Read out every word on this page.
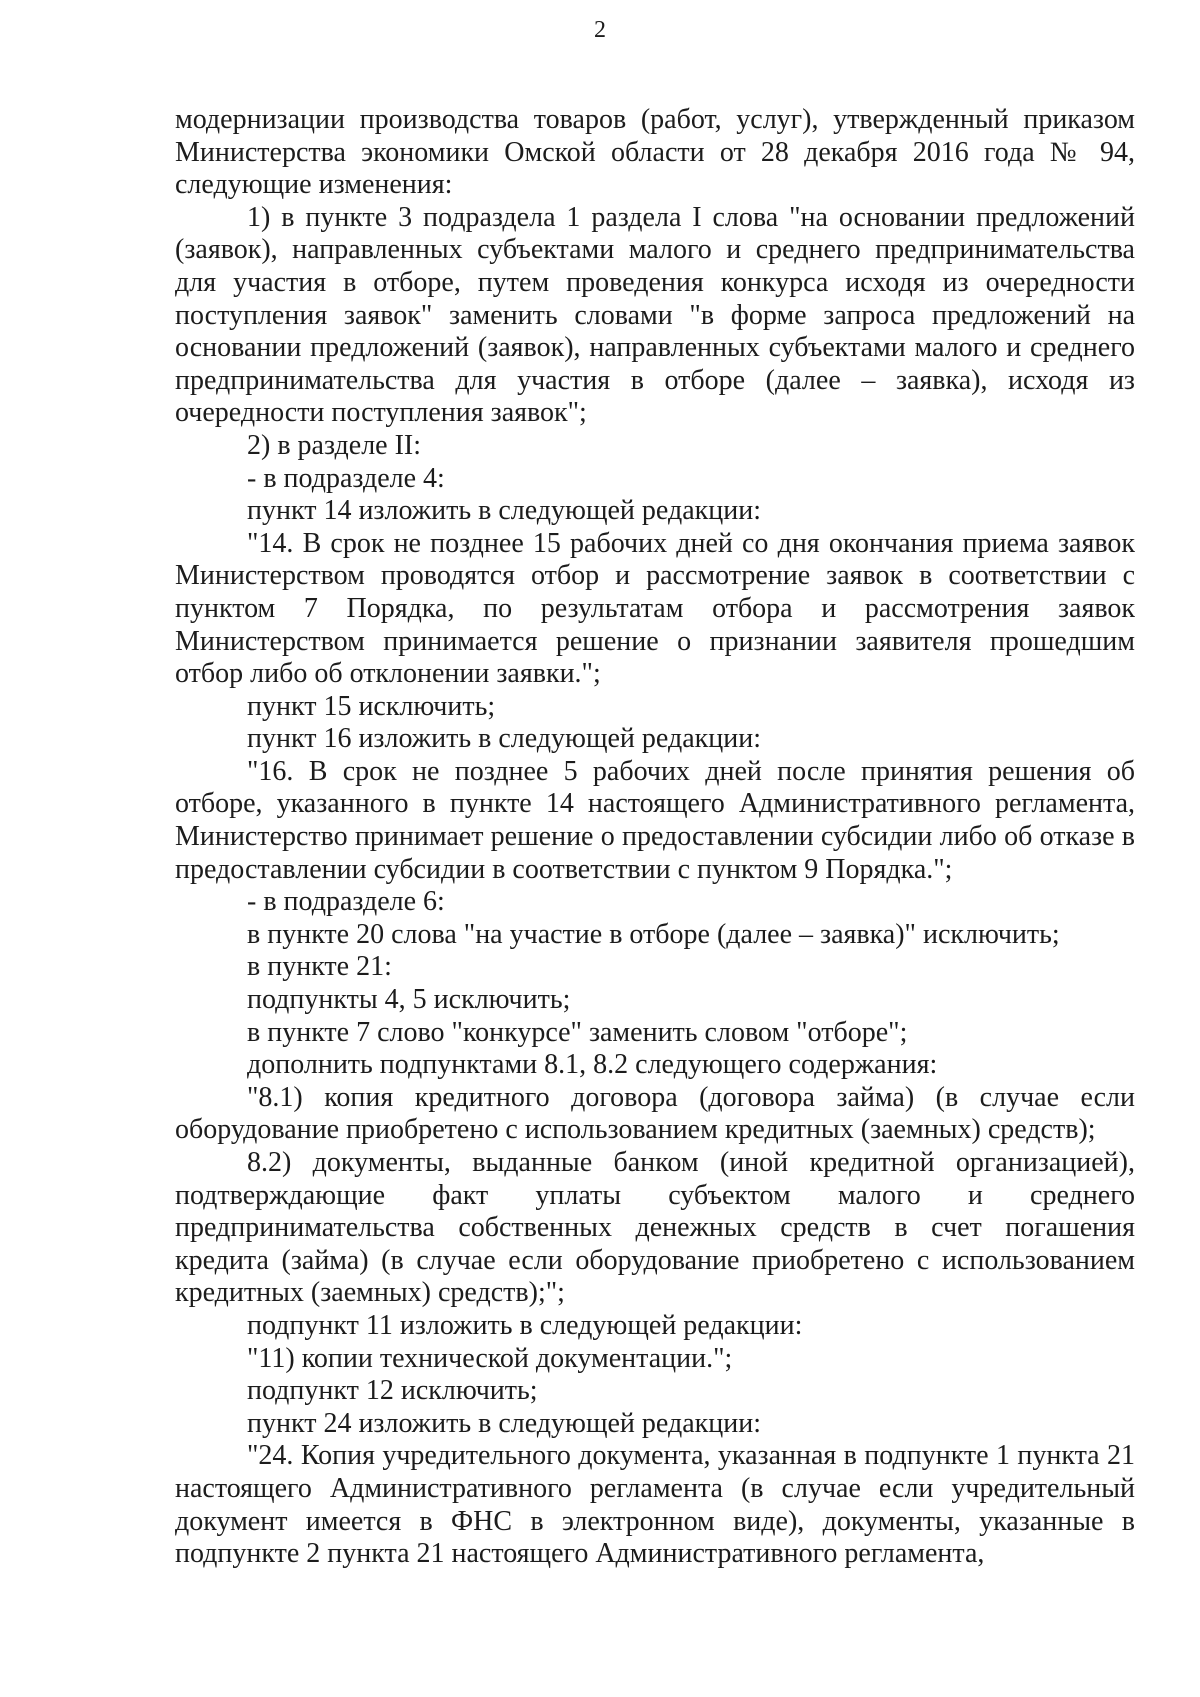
2

модернизации производства товаров (работ, услуг), утвержденный приказом Министерства экономики Омской области от 28 декабря 2016 года № 94, следующие изменения:

1) в пункте 3 подраздела 1 раздела I слова "на основании предложений (заявок), направленных субъектами малого и среднего предпринимательства для участия в отборе, путем проведения конкурса исходя из очередности поступления заявок" заменить словами "в форме запроса предложений на основании предложений (заявок), направленных субъектами малого и среднего предпринимательства для участия в отборе (далее – заявка), исходя из очередности поступления заявок";

2) в разделе II:

- в подразделе 4:

пункт 14 изложить в следующей редакции:

"14. В срок не позднее 15 рабочих дней со дня окончания приема заявок Министерством проводятся отбор и рассмотрение заявок в соответствии с пунктом 7 Порядка, по результатам отбора и рассмотрения заявок Министерством принимается решение о признании заявителя прошедшим отбор либо об отклонении заявки.";

пункт 15 исключить;

пункт 16 изложить в следующей редакции:

"16. В срок не позднее 5 рабочих дней после принятия решения об отборе, указанного в пункте 14 настоящего Административного регламента, Министерство принимает решение о предоставлении субсидии либо об отказе в предоставлении субсидии в соответствии с пунктом 9 Порядка.";

- в подразделе 6:

в пункте 20 слова "на участие в отборе (далее – заявка)" исключить;

в пункте 21:

подпункты 4, 5 исключить;

в пункте 7 слово "конкурсе" заменить словом "отборе";

дополнить подпунктами 8.1, 8.2 следующего содержания:

"8.1) копия кредитного договора (договора займа) (в случае если оборудование приобретено с использованием кредитных (заемных) средств);

8.2) документы, выданные банком (иной кредитной организацией), подтверждающие факт уплаты субъектом малого и среднего предпринимательства собственных денежных средств в счет погашения кредита (займа) (в случае если оборудование приобретено с использованием кредитных (заемных) средств);";

подпункт 11 изложить в следующей редакции:

"11) копии технической документации.";

подпункт 12 исключить;

пункт 24 изложить в следующей редакции:

"24. Копия учредительного документа, указанная в подпункте 1 пункта 21 настоящего Административного регламента (в случае если учредительный документ имеется в ФНС в электронном виде), документы, указанные в подпункте 2 пункта 21 настоящего Административного регламента,
